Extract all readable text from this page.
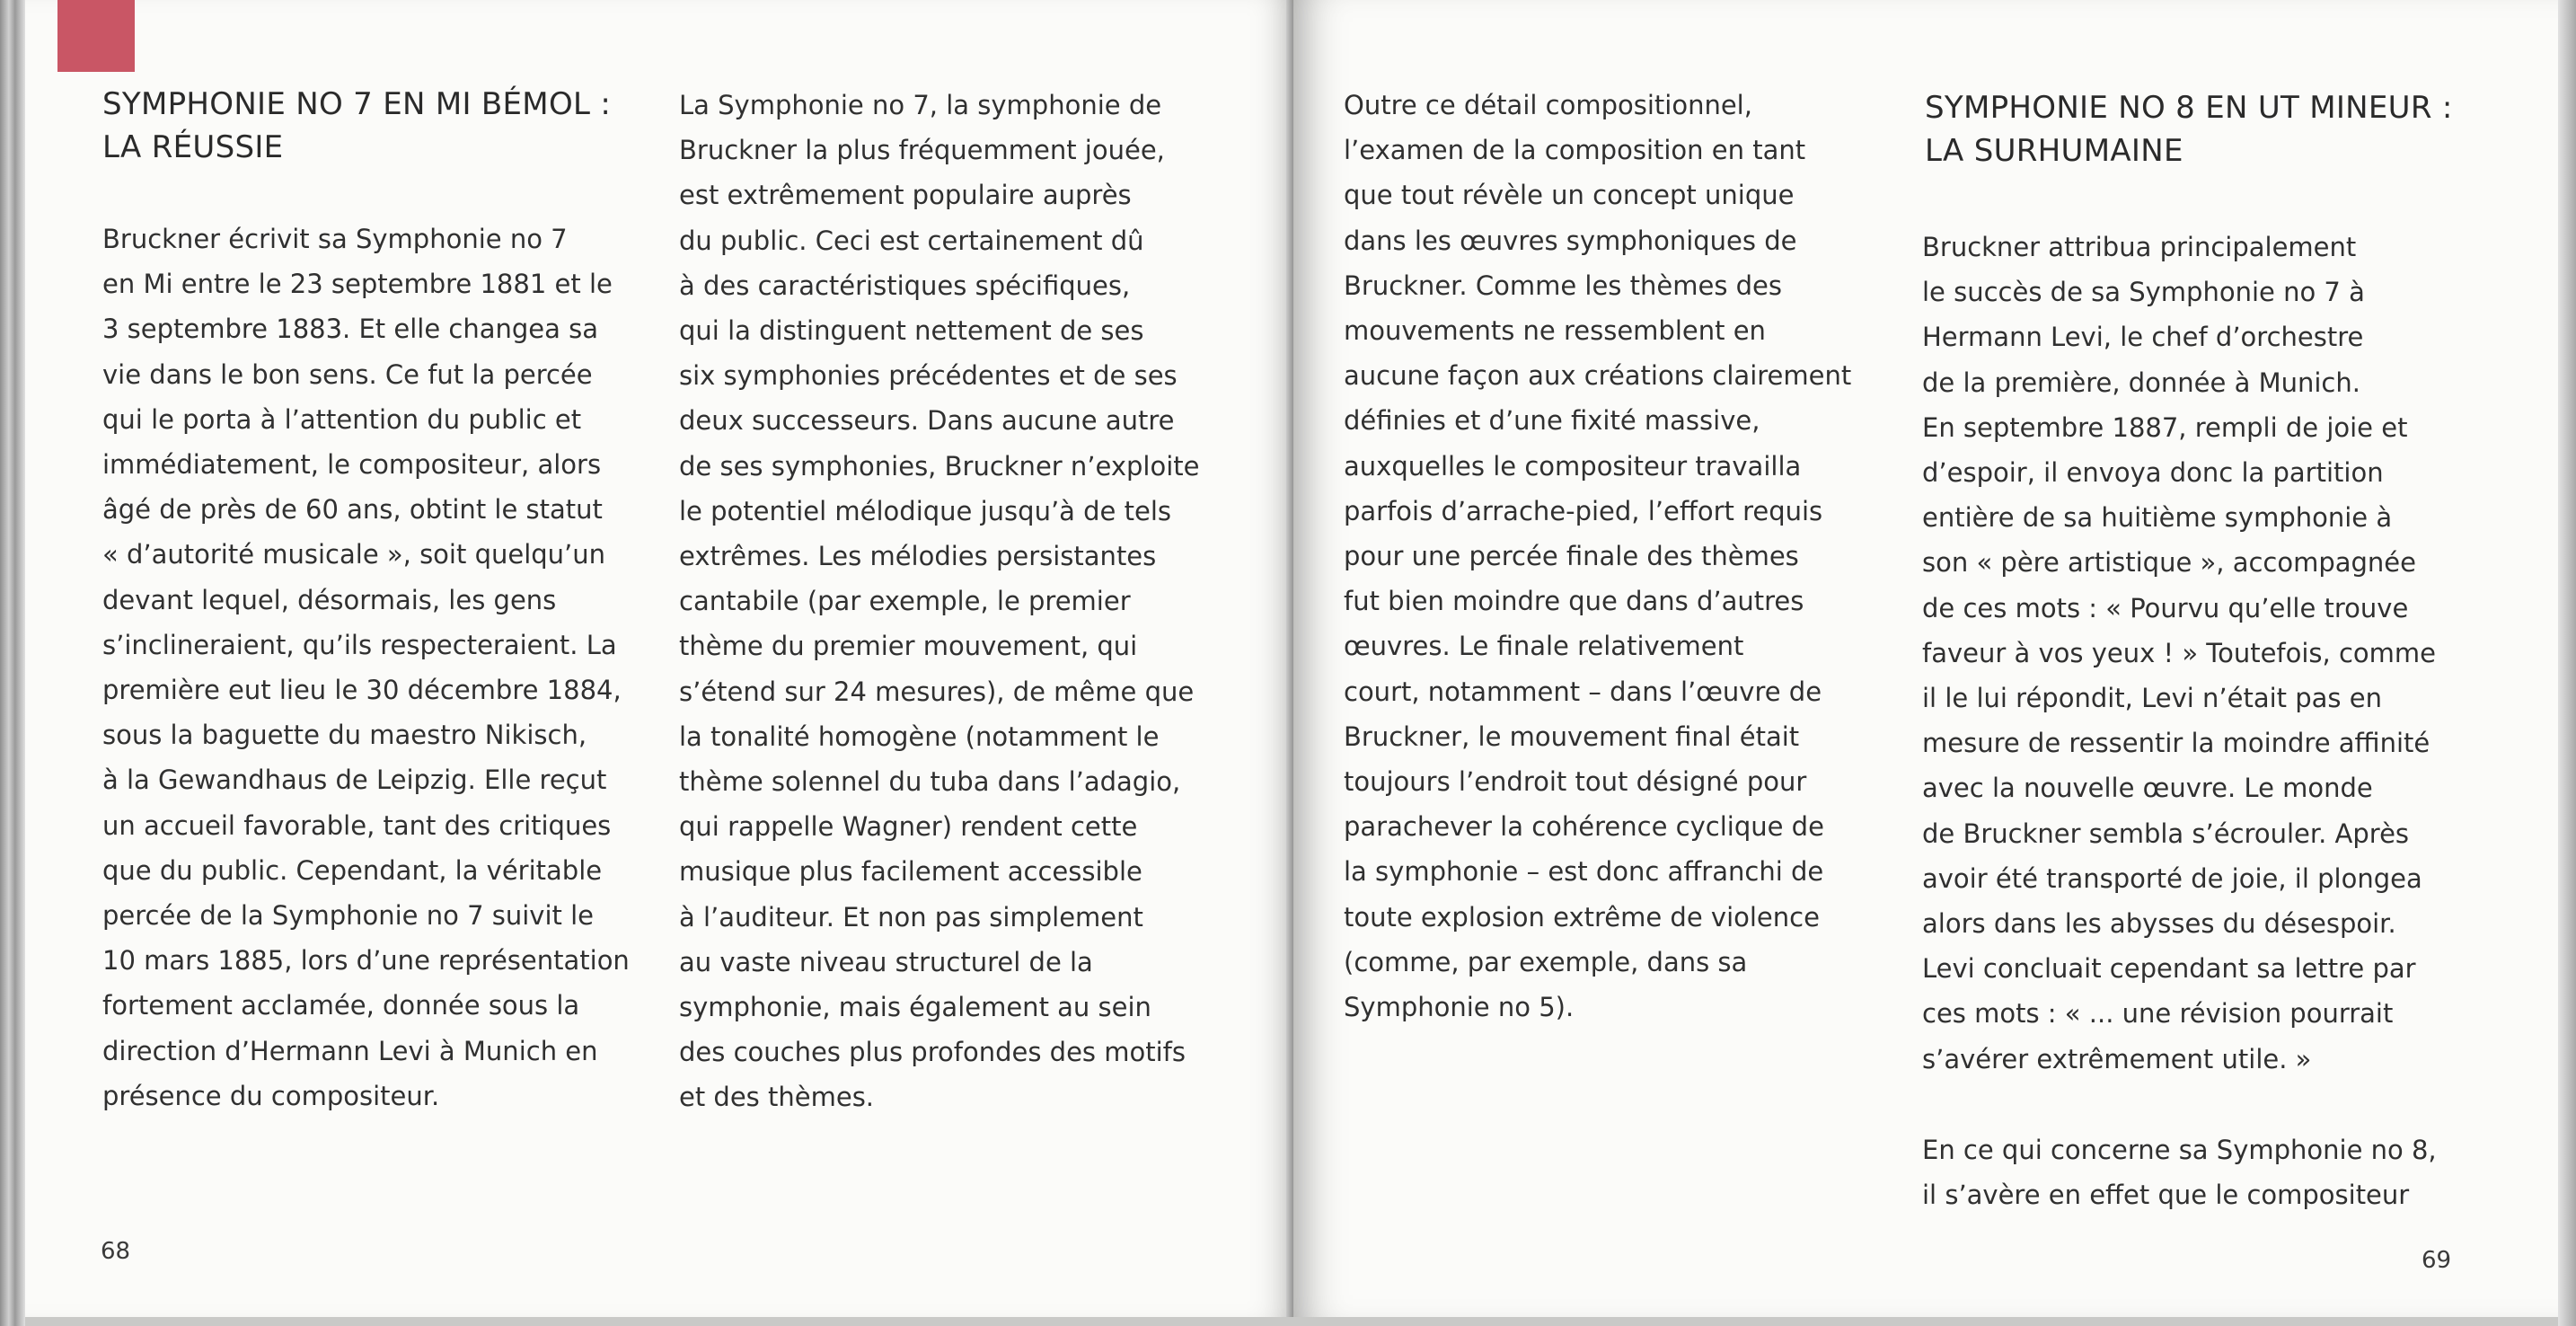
SYMPHONIE NO 7 EN MI BÉMOL :
LA RÉUSSIE

Bruckner écrivit sa Symphonie no 7
en Mi entre le 23 septembre 1881 et le
3 septembre 1883. Et elle changea sa
vie dans le bon sens. Ce fut la percée
qui le porta à l’attention du public et
immédiatement, le compositeur, alors
âgé de près de 60 ans, obtint le statut
« d’autorité musicale », soit quelqu’un
devant lequel, désormais, les gens
s’inclineraient, qu’ils respecteraient. La
première eut lieu le 30 décembre 1884,
sous la baguette du maestro Nikisch,
à la Gewandhaus de Leipzig. Elle reçut
un accueil favorable, tant des critiques
que du public. Cependant, la véritable
percée de la Symphonie no 7 suivit le
10 mars 1885, lors d’une représentation
fortement acclamée, donnée sous la
direction d’Hermann Levi à Munich en
présence du compositeur.

La Symphonie no 7, la symphonie de
Bruckner la plus fréquemment jouée,
est extrêmement populaire auprès
du public. Ceci est certainement dû
à des caractéristiques spécifiques,
qui la distinguent nettement de ses
six symphonies précédentes et de ses
deux successeurs. Dans aucune autre
de ses symphonies, Bruckner n’exploite
le potentiel mélodique jusqu’à de tels
extrêmes. Les mélodies persistantes
cantabile (par exemple, le premier
thème du premier mouvement, qui
s’étend sur 24 mesures), de même que
la tonalité homogène (notamment le
thème solennel du tuba dans l’adagio,
qui rappelle Wagner) rendent cette
musique plus facilement accessible
à l’auditeur. Et non pas simplement
au vaste niveau structurel de la
symphonie, mais également au sein
des couches plus profondes des motifs
et des thèmes.

68

Outre ce détail compositionnel,
l’examen de la composition en tant
que tout révèle un concept unique
dans les œuvres symphoniques de
Bruckner. Comme les thèmes des
mouvements ne ressemblent en
aucune façon aux créations clairement
définies et d’une fixité massive,
auxquelles le compositeur travailla
parfois d’arrache-pied, l’effort requis
pour une percée finale des thèmes
fut bien moindre que dans d’autres
œuvres. Le finale relativement
court, notamment – dans l’œuvre de
Bruckner, le mouvement final était
toujours l’endroit tout désigné pour
parachever la cohérence cyclique de
la symphonie – est donc affranchi de
toute explosion extrême de violence
(comme, par exemple, dans sa
Symphonie no 5).

SYMPHONIE NO 8 EN UT MINEUR :
LA SURHUMAINE

Bruckner attribua principalement
le succès de sa Symphonie no 7 à
Hermann Levi, le chef d’orchestre
de la première, donnée à Munich.
En septembre 1887, rempli de joie et
d’espoir, il envoya donc la partition
entière de sa huitième symphonie à
son « père artistique », accompagnée
de ces mots : « Pourvu qu’elle trouve
faveur à vos yeux ! » Toutefois, comme
il le lui répondit, Levi n’était pas en
mesure de ressentir la moindre affinité
avec la nouvelle œuvre. Le monde
de Bruckner sembla s’écrouler. Après
avoir été transporté de joie, il plongea
alors dans les abysses du désespoir.
Levi concluait cependant sa lettre par
ces mots : « ... une révision pourrait
s’avérer extrêmement utile. »

En ce qui concerne sa Symphonie no 8,
il s’avère en effet que le compositeur

69
